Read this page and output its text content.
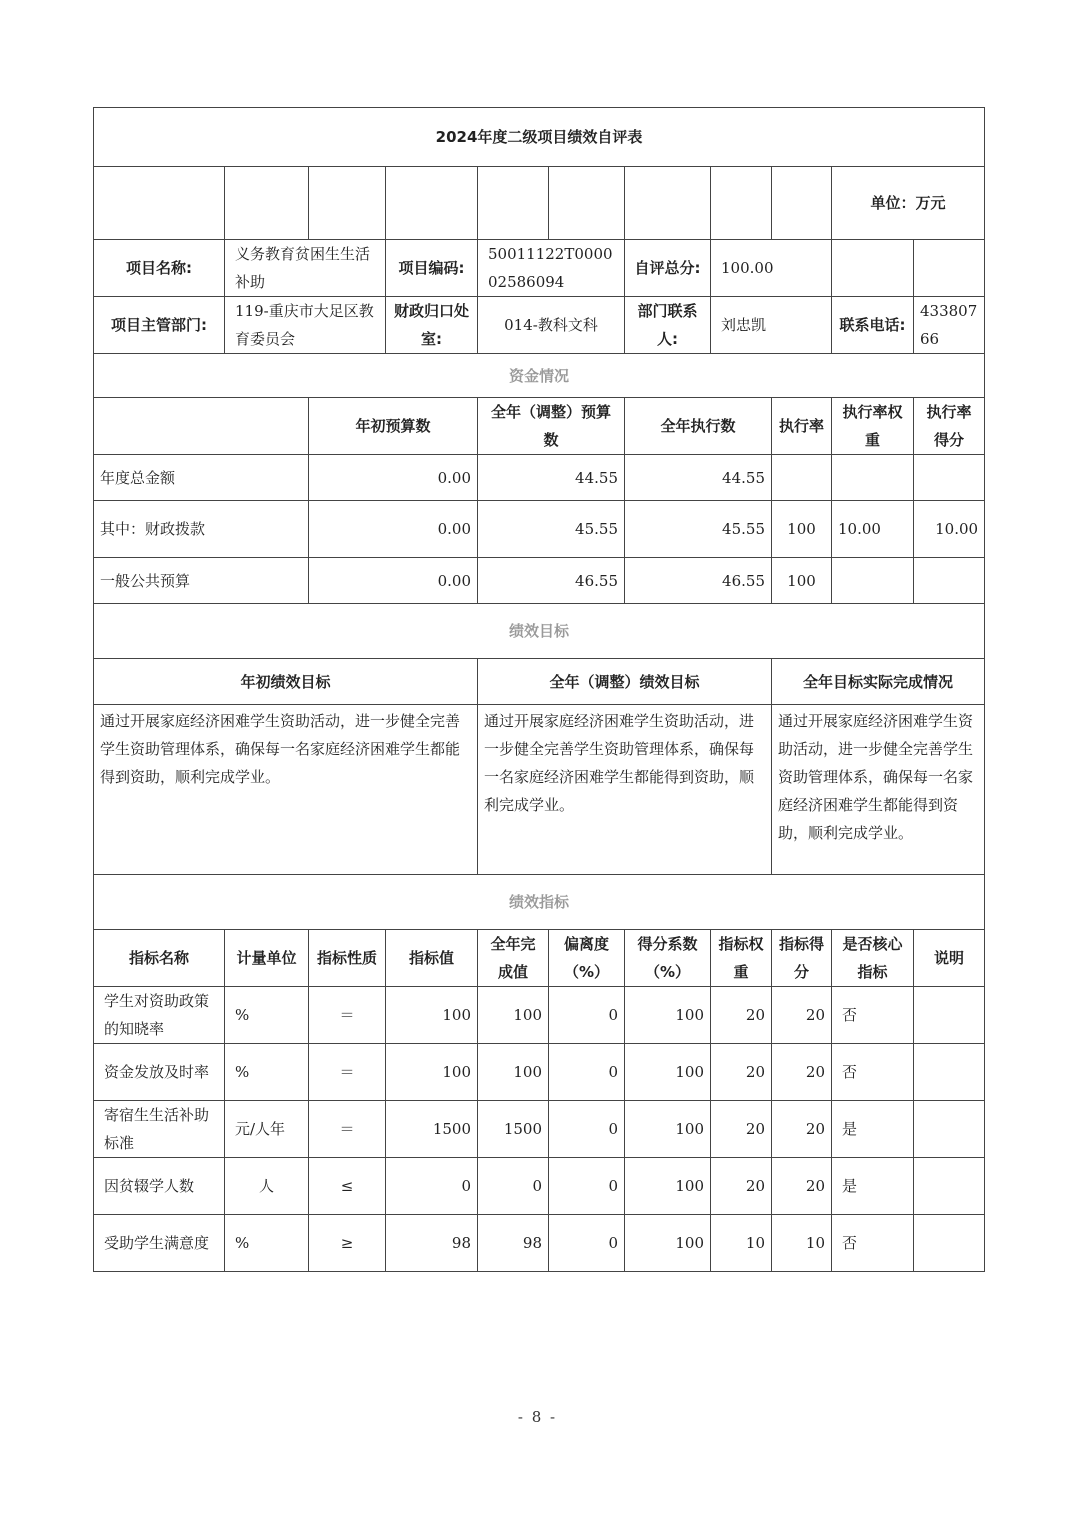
2024年度二级项目绩效自评表										
									单位：万元	
项目名称:	义务教育贫困生生活补助		项目编码:	50011122T000002586094		自评总分:	100.00			
项目主管部门:	119-重庆市大足区教育委员会		财政归口处室:	014-教科文科		部门联系人:	刘忠凯		联系电话:	43380766
资金情况										
		年初预算数		全年（调整）预算数		全年执行数		执行率	执行率权重	执行率得分
年度总金额		0.00		44.55		44.55				
其中：财政拨款		0.00		45.55		45.55		100	10.00	10.00
一般公共预算		0.00		46.55		46.55		100		
绩效目标										
年初绩效目标				全年（调整）绩效目标				全年目标实际完成情况		
通过开展家庭经济困难学生资助活动，进一步健全完善学生资助管理体系，确保每一名家庭经济困难学生都能得到资助，顺利完成学业。				通过开展家庭经济困难学生资助活动，进一步健全完善学生资助管理体系，确保每一名家庭经济困难学生都能得到资助，顺利完成学业。				通过开展家庭经济困难学生资助活动，进一步健全完善学生资助管理体系，确保每一名家庭经济困难学生都能得到资助，顺利完成学业。		
绩效指标										
指标名称	计量单位	指标性质	指标值	全年完成值	偏离度（%）	得分系数（%）	指标权重	指标得分	是否核心指标	说明
学生对资助政策的知晓率	%	＝	100	100	0	100	20	20	否	
资金发放及时率	%	＝	100	100	0	100	20	20	否	
寄宿生生活补助标准	元/人年	＝	1500	1500	0	100	20	20	是	
因贫辍学人数	人	≤	0	0	0	100	20	20	是	
受助学生满意度	%	≥	98	98	0	100	10	10	否	
- 8 -
